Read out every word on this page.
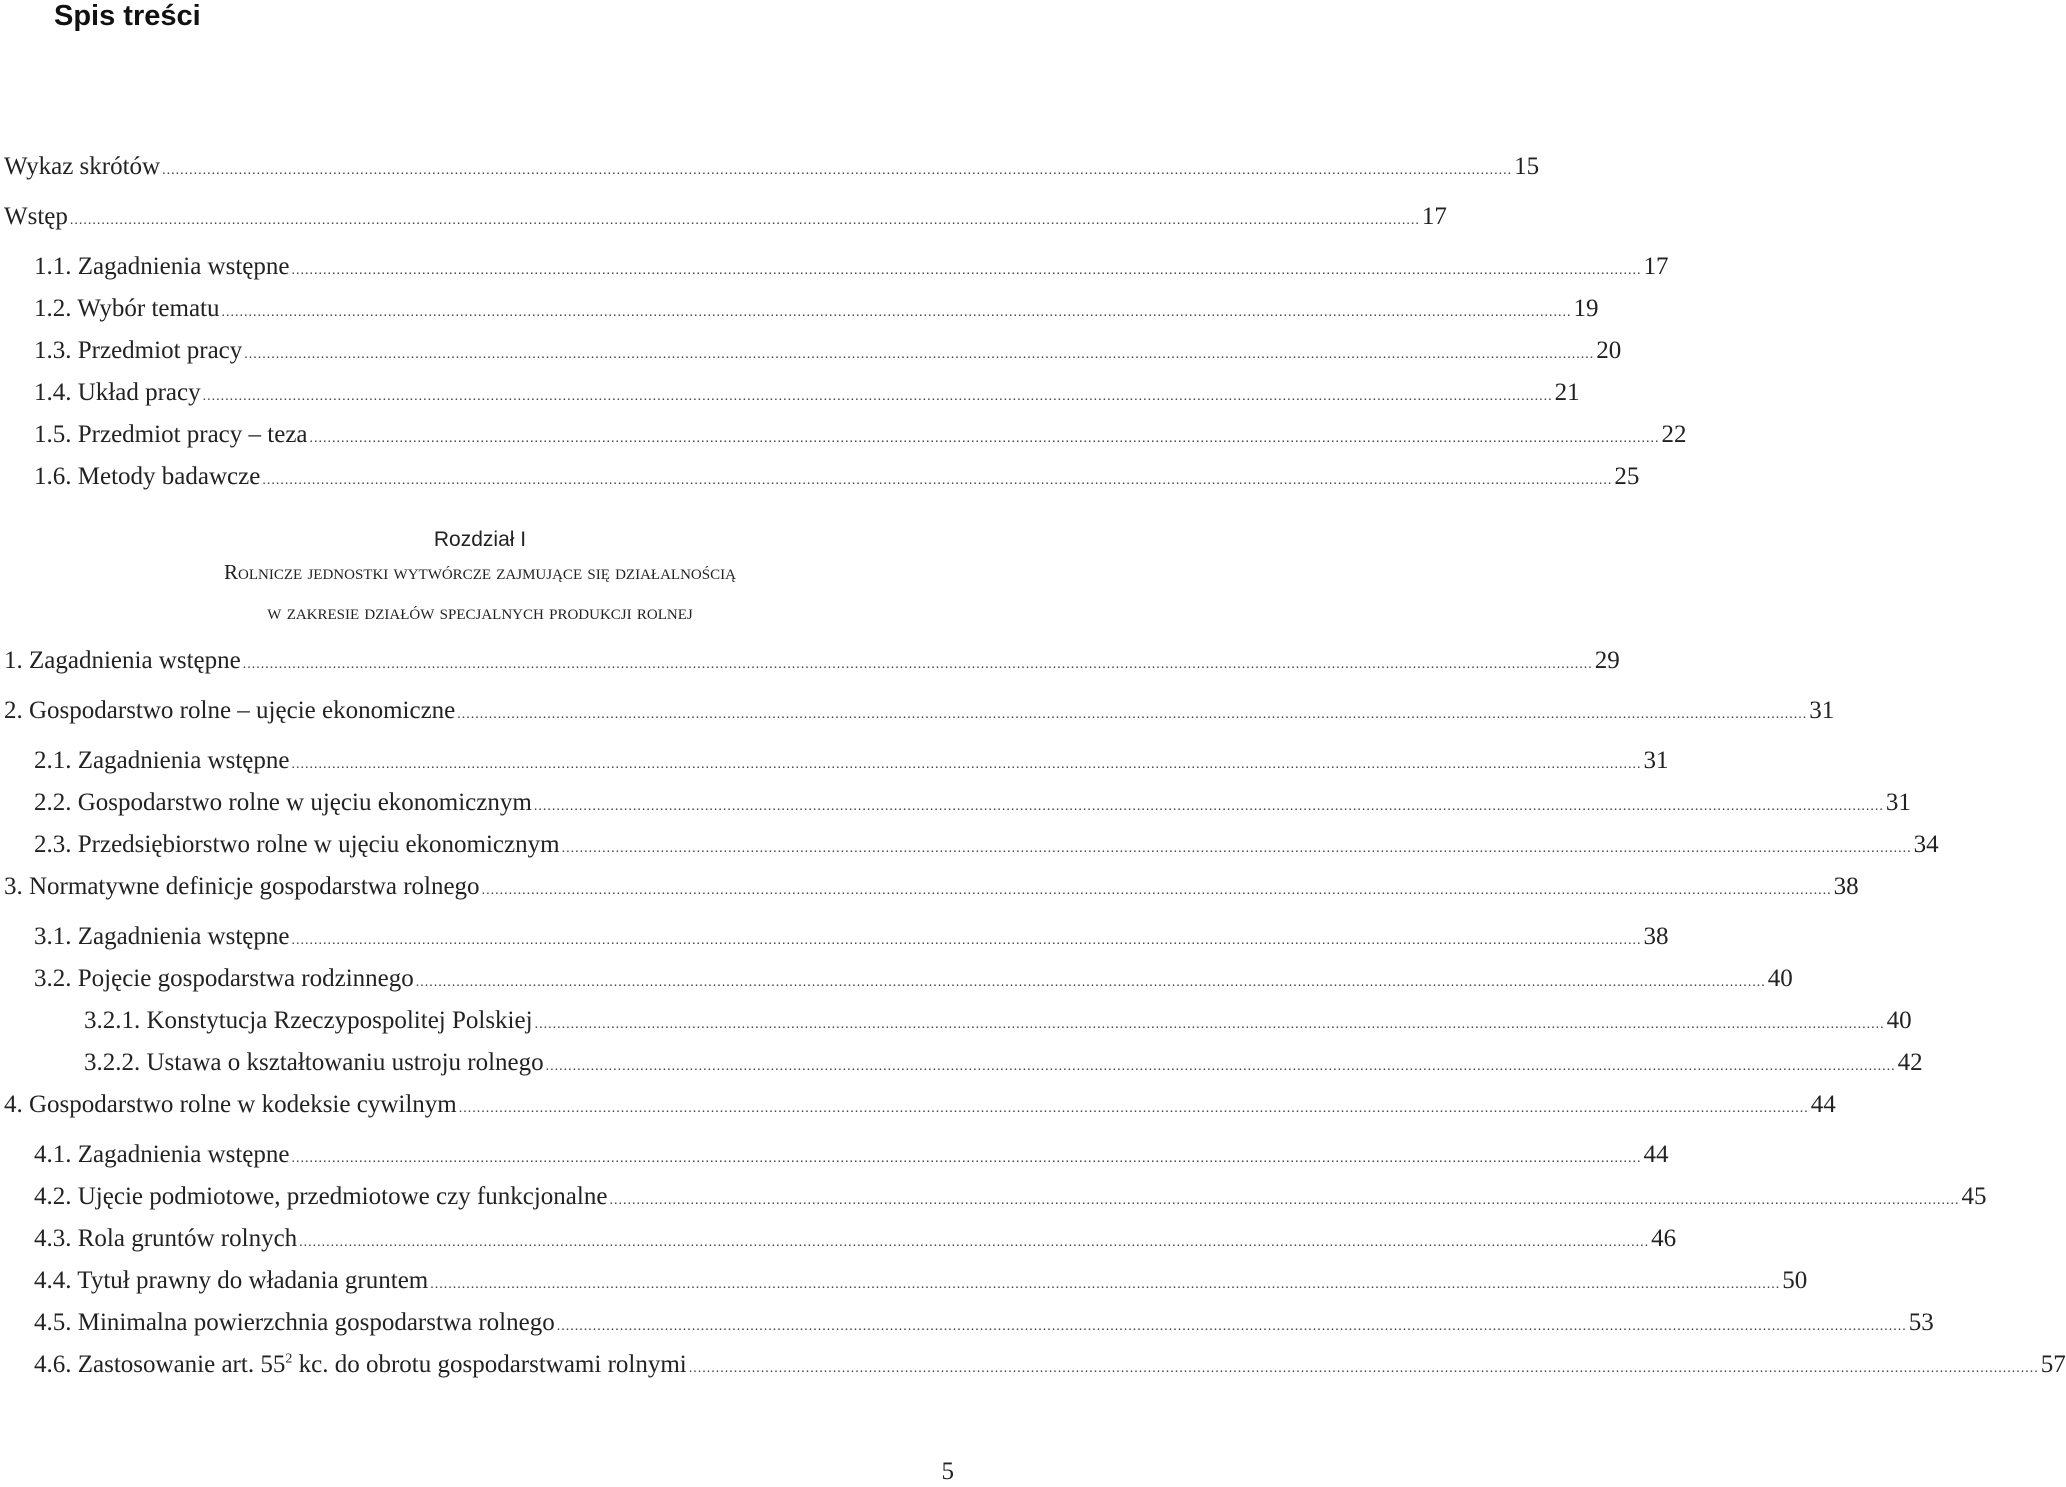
Spis treści
Wykaz skrótów ............................................................................................................................................................................................................................................................................................................ 15
Wstęp ............................................................................................................................................................................................................................................................................................................ 17
1.1. Zagadnienia wstępne ............................................................................................................................................................................................................................................................................................................ 17
1.2. Wybór tematu ............................................................................................................................................................................................................................................................................................................ 19
1.3. Przedmiot pracy ............................................................................................................................................................................................................................................................................................................ 20
1.4. Układ pracy ............................................................................................................................................................................................................................................................................................................ 21
1.5. Przedmiot pracy – teza ............................................................................................................................................................................................................................................................................................................ 22
1.6. Metody badawcze ............................................................................................................................................................................................................................................................................................................ 25
Rozdział I
Rolnicze jednostki wytwórcze zajmujące się działalnością
w zakresie działów specjalnych produkcji rolnej
1. Zagadnienia wstępne ............................................................................................................................................................................................................................................................................................................ 29
2. Gospodarstwo rolne – ujęcie ekonomiczne ............................................................................................................................................................................................................................................................................................................ 31
2.1. Zagadnienia wstępne ............................................................................................................................................................................................................................................................................................................ 31
2.2. Gospodarstwo rolne w ujęciu ekonomicznym ............................................................................................................................................................................................................................................................................................................ 31
2.3. Przedsiębiorstwo rolne w ujęciu ekonomicznym ............................................................................................................................................................................................................................................................................................................ 34
3. Normatywne definicje gospodarstwa rolnego ............................................................................................................................................................................................................................................................................................................ 38
3.1. Zagadnienia wstępne ............................................................................................................................................................................................................................................................................................................ 38
3.2. Pojęcie gospodarstwa rodzinnego ............................................................................................................................................................................................................................................................................................................ 40
3.2.1. Konstytucja Rzeczypospolitej Polskiej ............................................................................................................................................................................................................................................................................................................ 40
3.2.2. Ustawa o kształtowaniu ustroju rolnego ............................................................................................................................................................................................................................................................................................................ 42
4. Gospodarstwo rolne w kodeksie cywilnym ............................................................................................................................................................................................................................................................................................................ 44
4.1. Zagadnienia wstępne ............................................................................................................................................................................................................................................................................................................ 44
4.2. Ujęcie podmiotowe, przedmiotowe czy funkcjonalne ............................................................................................................................................................................................................................................................................................................ 45
4.3. Rola gruntów rolnych ............................................................................................................................................................................................................................................................................................................ 46
4.4. Tytuł prawny do władania gruntem ............................................................................................................................................................................................................................................................................................................ 50
4.5. Minimalna powierzchnia gospodarstwa rolnego ............................................................................................................................................................................................................................................................................................................ 53
4.6. Zastosowanie art. $55^2$ kc. do obrotu gospodarstwami rolnymi ............................................................................................................................................................................................................................................................................................................ 57
5
